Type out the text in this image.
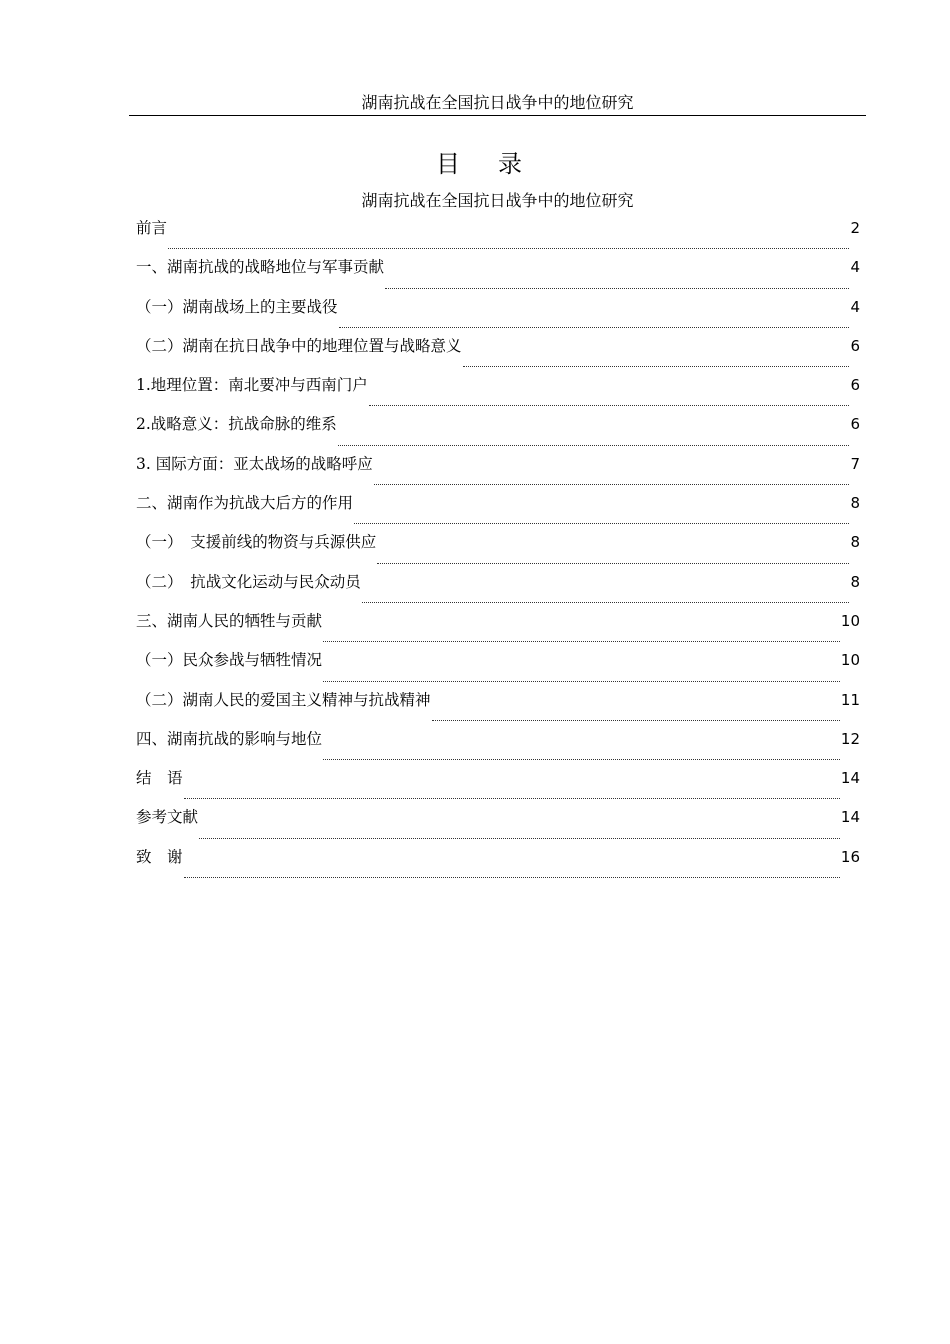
湖南抗战在全国抗日战争中的地位研究
目录
湖南抗战在全国抗日战争中的地位研究
前言	2
一、湖南抗战的战略地位与军事贡献	4
（一）湖南战场上的主要战役	4
（二）湖南在抗日战争中的地理位置与战略意义	6
1.地理位置：南北要冲与西南门户	6
2.战略意义：抗战命脉的维系	6
3. 国际方面：亚太战场的战略呼应	7
二、湖南作为抗战大后方的作用	8
（一）　支援前线的物资与兵源供应	8
（二）　抗战文化运动与民众动员	8
三、湖南人民的牺牲与贡献	10
（一）民众参战与牺牲情况	10
（二）湖南人民的爱国主义精神与抗战精神	11
四、湖南抗战的影响与地位	12
结　语	14
参考文献	14
致　谢	16
